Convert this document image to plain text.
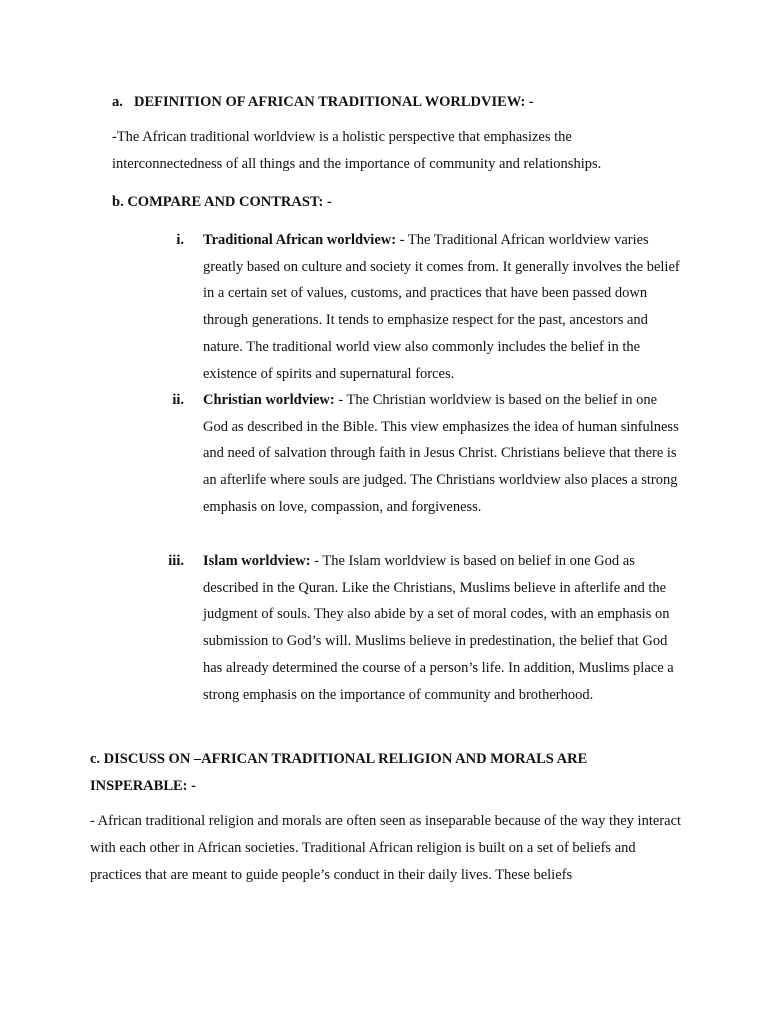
a. DEFINITION OF AFRICAN TRADITIONAL WORLDVIEW: -
-The African traditional worldview is a holistic perspective that emphasizes the interconnectedness of all things and the importance of community and relationships.
b. COMPARE AND CONTRAST: -
i. Traditional African worldview: - The Traditional African worldview varies greatly based on culture and society it comes from. It generally involves the belief in a certain set of values, customs, and practices that have been passed down through generations. It tends to emphasize respect for the past, ancestors and nature. The traditional world view also commonly includes the belief in the existence of spirits and supernatural forces.
ii. Christian worldview: - The Christian worldview is based on the belief in one God as described in the Bible. This view emphasizes the idea of human sinfulness and need of salvation through faith in Jesus Christ. Christians believe that there is an afterlife where souls are judged. The Christians worldview also places a strong emphasis on love, compassion, and forgiveness.
iii. Islam worldview: - The Islam worldview is based on belief in one God as described in the Quran. Like the Christians, Muslims believe in afterlife and the judgment of souls. They also abide by a set of moral codes, with an emphasis on submission to God’s will. Muslims believe in predestination, the belief that God has already determined the course of a person’s life. In addition, Muslims place a strong emphasis on the importance of community and brotherhood.
c. DISCUSS ON –AFRICAN TRADITIONAL RELIGION AND MORALS ARE INSPERABLE: -
- African traditional religion and morals are often seen as inseparable because of the way they interact with each other in African societies. Traditional African religion is built on a set of beliefs and practices that are meant to guide people’s conduct in their daily lives. These beliefs
